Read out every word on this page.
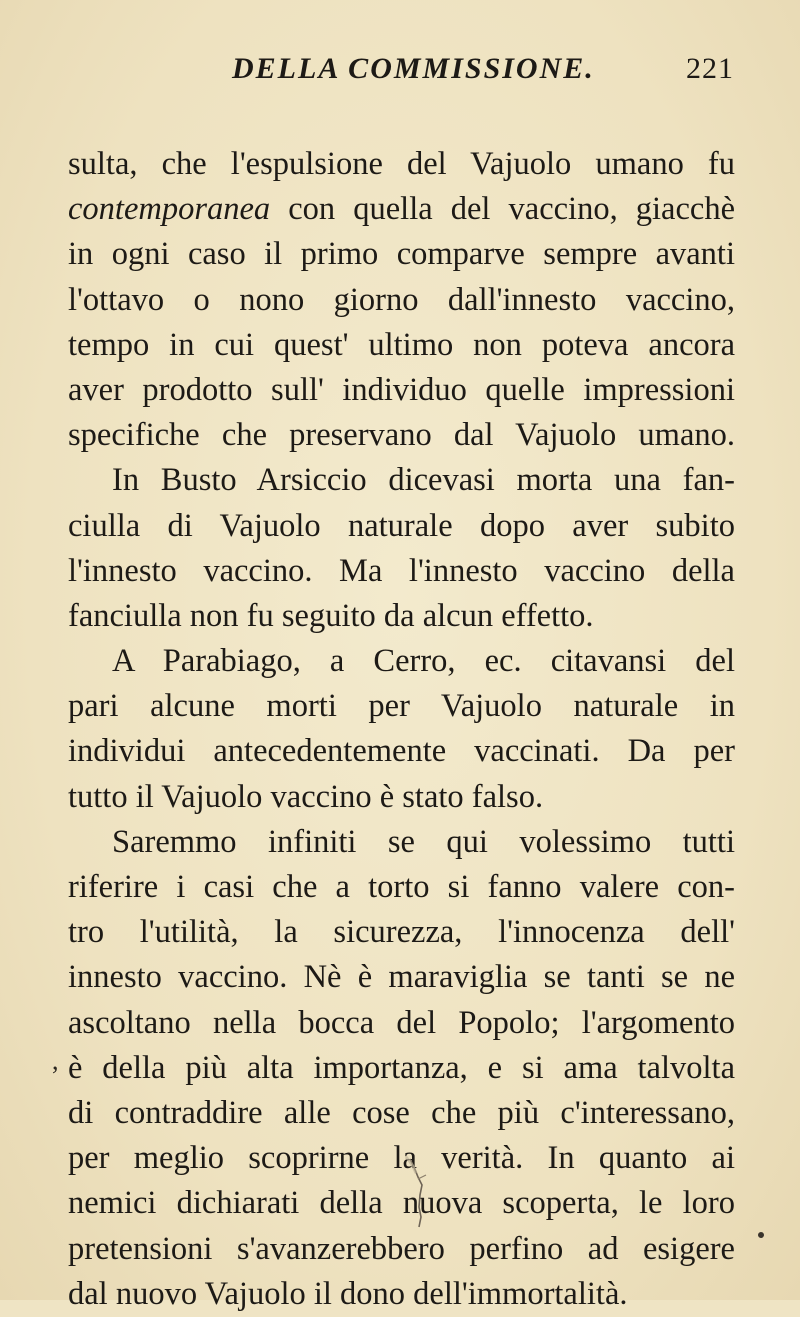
DELLA COMMISSIONE.	221
sulta, che l'espulsione del Vajuolo umano fu
contemporanea con quella del vaccino, giacchè
in ogni caso il primo comparve sempre avanti
l'ottavo o nono giorno dall'innesto vaccino,
tempo in cui quest' ultimo non poteva ancora
aver prodotto sull' individuo quelle impressioni
specifiche che preservano dal Vajuolo umano.
In Busto Arsiccio dicevasi morta una fan-
ciulla di Vajuolo naturale dopo aver subito
l'innesto vaccino. Ma l'innesto vaccino della
fanciulla non fu seguito da alcun effetto.
A Parabiago, a Cerro, ec. citavansi del
pari alcune morti per Vajuolo naturale in
individui antecedentemente vaccinati. Da per
tutto il Vajuolo vaccino è stato falso.
Saremmo infiniti se qui volessimo tutti
riferire i casi che a torto si fanno valere con-
tro l'utilità, la sicurezza, l'innocenza dell'
innesto vaccino. Nè è maraviglia se tanti se ne
ascoltano nella bocca del Popolo; l'argomento
è della più alta importanza, e si ama talvolta
di contraddire alle cose che più c'interessano,
per meglio scoprirne la verità. In quanto ai
nemici dichiarati della nuova scoperta, le loro
pretensioni s'avanzerebbero perfino ad esigere
dal nuovo Vajuolo il dono dell'immortalità.
,
